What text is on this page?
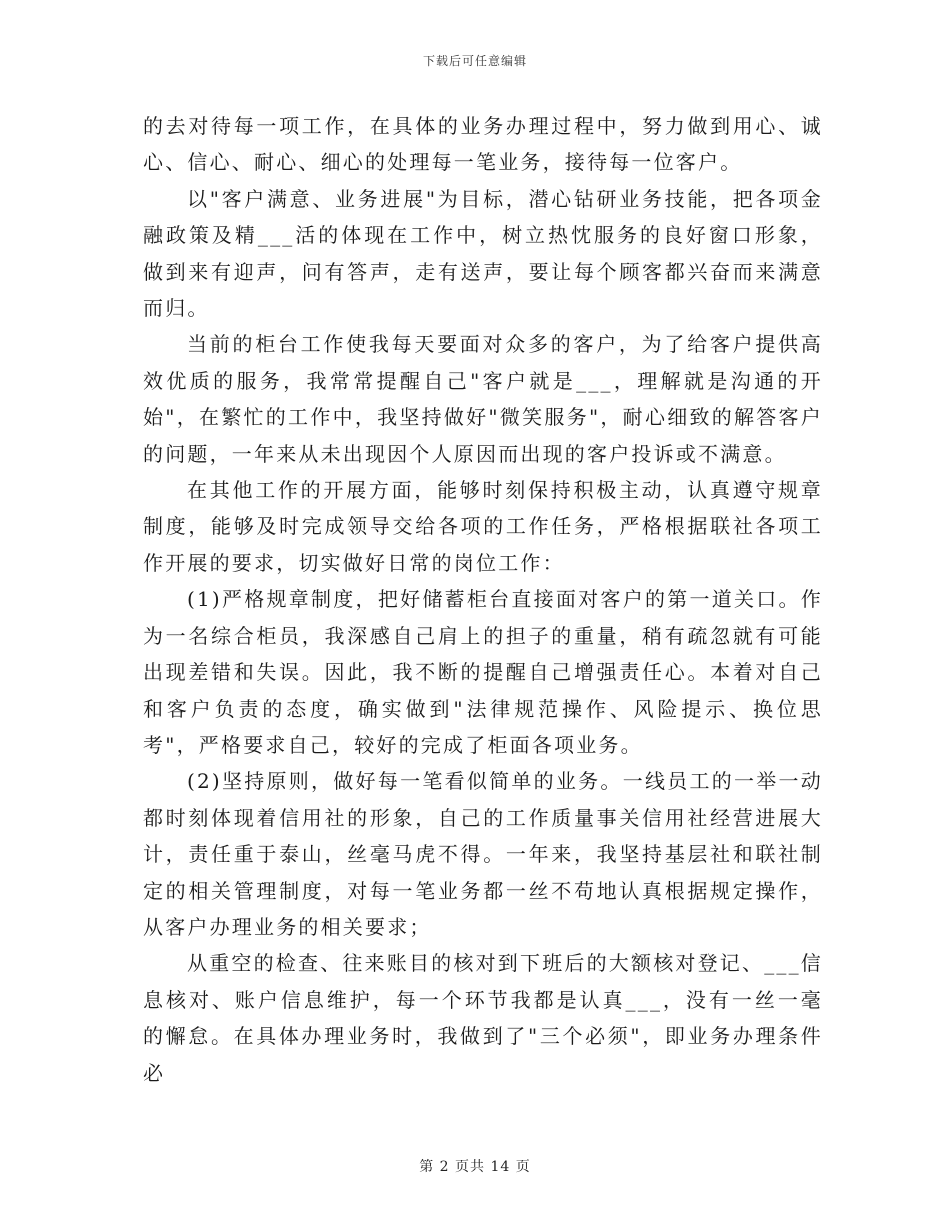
下载后可任意编辑

的去对待每一项工作，在具体的业务办理过程中，努力做到用心、诚心、信心、耐心、细心的处理每一笔业务，接待每一位客户。

以"客户满意、业务进展"为目标，潜心钻研业务技能，把各项金融政策及精___活的体现在工作中，树立热忱服务的良好窗口形象，做到来有迎声，问有答声，走有送声，要让每个顾客都兴奋而来满意而归。

当前的柜台工作使我每天要面对众多的客户，为了给客户提供高效优质的服务，我常常提醒自己"客户就是___，理解就是沟通的开始"，在繁忙的工作中，我坚持做好"微笑服务"，耐心细致的解答客户的问题，一年来从未出现因个人原因而出现的客户投诉或不满意。

在其他工作的开展方面，能够时刻保持积极主动，认真遵守规章制度，能够及时完成领导交给各项的工作任务，严格根据联社各项工作开展的要求，切实做好日常的岗位工作：

(1)严格规章制度，把好储蓄柜台直接面对客户的第一道关口。作为一名综合柜员，我深感自己肩上的担子的重量，稍有疏忽就有可能出现差错和失误。因此，我不断的提醒自己增强责任心。本着对自己和客户负责的态度，确实做到"法律规范操作、风险提示、换位思考"，严格要求自己，较好的完成了柜面各项业务。

(2)坚持原则，做好每一笔看似简单的业务。一线员工的一举一动都时刻体现着信用社的形象，自己的工作质量事关信用社经营进展大计，责任重于泰山，丝毫马虎不得。一年来，我坚持基层社和联社制定的相关管理制度，对每一笔业务都一丝不苟地认真根据规定操作，从客户办理业务的相关要求；

从重空的检查、往来账目的核对到下班后的大额核对登记、___信息核对、账户信息维护，每一个环节我都是认真___，没有一丝一毫的懈怠。在具体办理业务时，我做到了"三个必须"，即业务办理条件必

第 2 页共 14 页
